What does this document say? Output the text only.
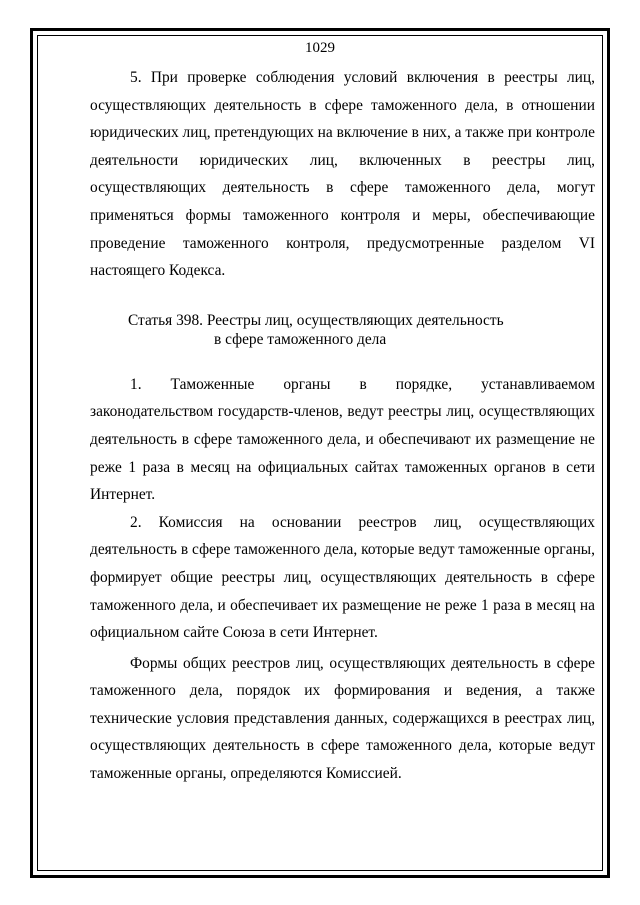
1029

5. При проверке соблюдения условий включения в реестры лиц, осуществляющих деятельность в сфере таможенного дела, в отношении юридических лиц, претендующих на включение в них, а также при контроле деятельности юридических лиц, включенных в реестры лиц, осуществляющих деятельность в сфере таможенного дела, могут применяться формы таможенного контроля и меры, обеспечивающие проведение таможенного контроля, предусмотренные разделом VI настоящего Кодекса.

Статья 398. Реестры лиц, осуществляющих деятельность
в сфере таможенного дела

1. Таможенные органы в порядке, устанавливаемом законодательством государств-членов, ведут реестры лиц, осуществляющих деятельность в сфере таможенного дела, и обеспечивают их размещение не реже 1 раза в месяц на официальных сайтах таможенных органов в сети Интернет.

2. Комиссия на основании реестров лиц, осуществляющих деятельность в сфере таможенного дела, которые ведут таможенные органы, формирует общие реестры лиц, осуществляющих деятельность в сфере таможенного дела, и обеспечивает их размещение не реже 1 раза в месяц на официальном сайте Союза в сети Интернет.

Формы общих реестров лиц, осуществляющих деятельность в сфере таможенного дела, порядок их формирования и ведения, а также технические условия представления данных, содержащихся в реестрах лиц, осуществляющих деятельность в сфере таможенного дела, которые ведут таможенные органы, определяются Комиссией.
